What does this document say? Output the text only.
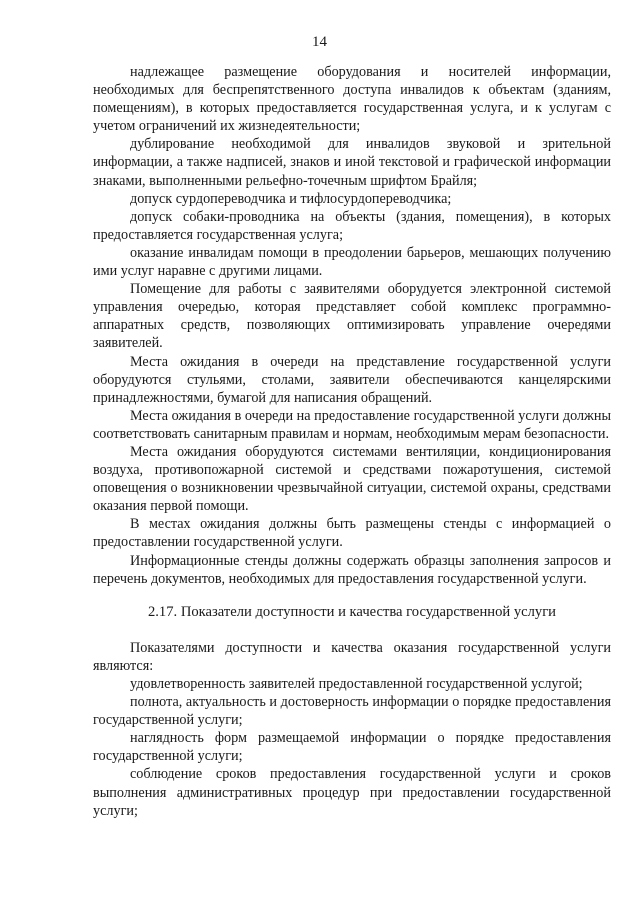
14

надлежащее размещение оборудования и носителей информации, необходимых для беспрепятственного доступа инвалидов к объектам (зданиям, помещениям), в которых предоставляется государственная услуга, и к услугам с учетом ограничений их жизнедеятельности;

дублирование необходимой для инвалидов звуковой и зрительной информации, а также надписей, знаков и иной текстовой и графической информации знаками, выполненными рельефно-точечным шрифтом Брайля;

допуск сурдопереводчика и тифлосурдопереводчика;

допуск собаки-проводника на объекты (здания, помещения), в которых предоставляется государственная услуга;

оказание инвалидам помощи в преодолении барьеров, мешающих получению ими услуг наравне с другими лицами.

Помещение для работы с заявителями оборудуется электронной системой управления очередью, которая представляет собой комплекс программно-аппаратных средств, позволяющих оптимизировать управление очередями заявителей.

Места ожидания в очереди на представление государственной услуги оборудуются стульями, столами, заявители обеспечиваются канцелярскими принадлежностями, бумагой для написания обращений.

Места ожидания в очереди на предоставление государственной услуги должны соответствовать санитарным правилам и нормам, необходимым мерам безопасности.

Места ожидания оборудуются системами вентиляции, кондиционирования воздуха, противопожарной системой и средствами пожаротушения, системой оповещения о возникновении чрезвычайной ситуации, системой охраны, средствами оказания первой помощи.

В местах ожидания должны быть размещены стенды с информацией о предоставлении государственной услуги.

Информационные стенды должны содержать образцы заполнения запросов и перечень документов, необходимых для предоставления государственной услуги.

2.17. Показатели доступности и качества государственной услуги

Показателями доступности и качества оказания государственной услуги являются:

удовлетворенность заявителей предоставленной государственной услугой;

полнота, актуальность и достоверность информации о порядке предоставления государственной услуги;

наглядность форм размещаемой информации о порядке предоставления государственной услуги;

соблюдение сроков предоставления государственной услуги и сроков выполнения административных процедур при предоставлении государственной услуги;
